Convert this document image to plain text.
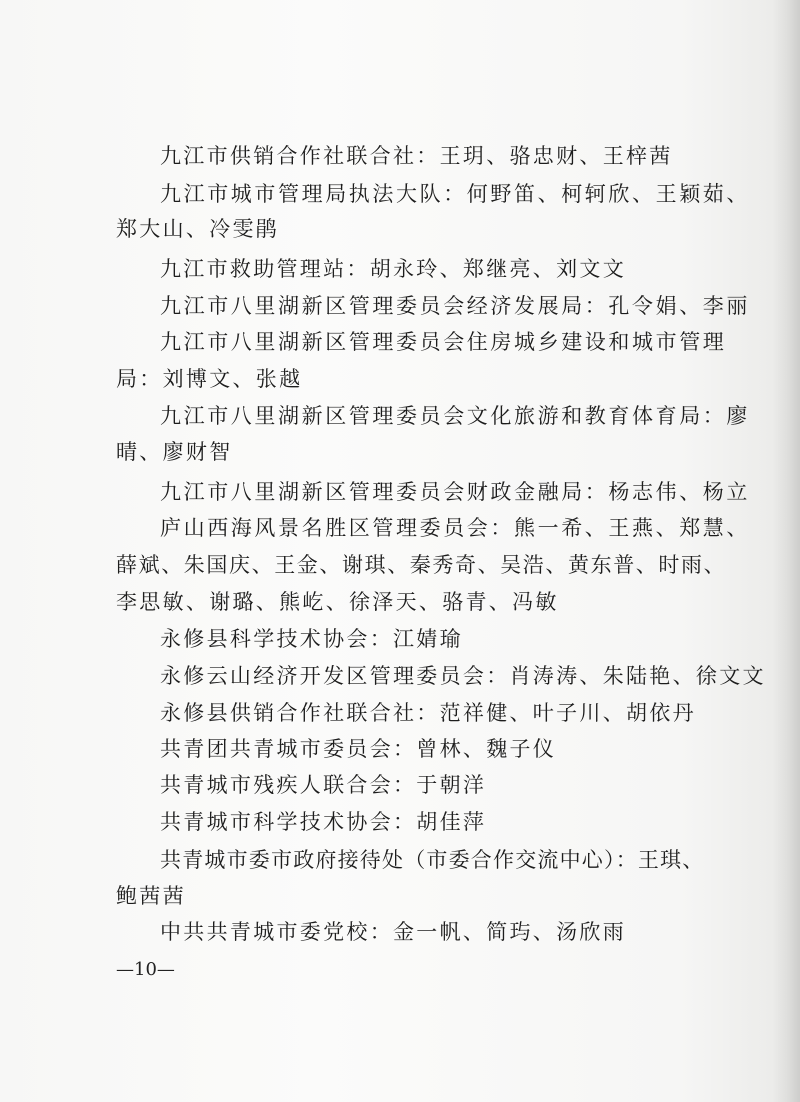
九江市供销合作社联合社：王玥、骆忠财、王梓茜
九江市城市管理局执法大队：何野笛、柯轲欣、王颖茹、
郑大山、冷雯鹃
九江市救助管理站：胡永玲、郑继亮、刘文文
九江市八里湖新区管理委员会经济发展局：孔令娟、李丽
九江市八里湖新区管理委员会住房城乡建设和城市管理
局：刘博文、张越
九江市八里湖新区管理委员会文化旅游和教育体育局：廖
晴、廖财智
九江市八里湖新区管理委员会财政金融局：杨志伟、杨立
庐山西海风景名胜区管理委员会：熊一希、王燕、郑慧、
薛斌、朱国庆、王金、谢琪、秦秀奇、吴浩、黄东普、时雨、
李思敏、谢璐、熊屹、徐泽天、骆青、冯敏
永修县科学技术协会：江婧瑜
永修云山经济开发区管理委员会：肖涛涛、朱陆艳、徐文文
永修县供销合作社联合社：范祥健、叶子川、胡依丹
共青团共青城市委员会：曾林、魏子仪
共青城市残疾人联合会：于朝洋
共青城市科学技术协会：胡佳萍
共青城市委市政府接待处（市委合作交流中心）：王琪、
鲍茜茜
中共共青城市委党校：金一帆、简玙、汤欣雨
—10—
